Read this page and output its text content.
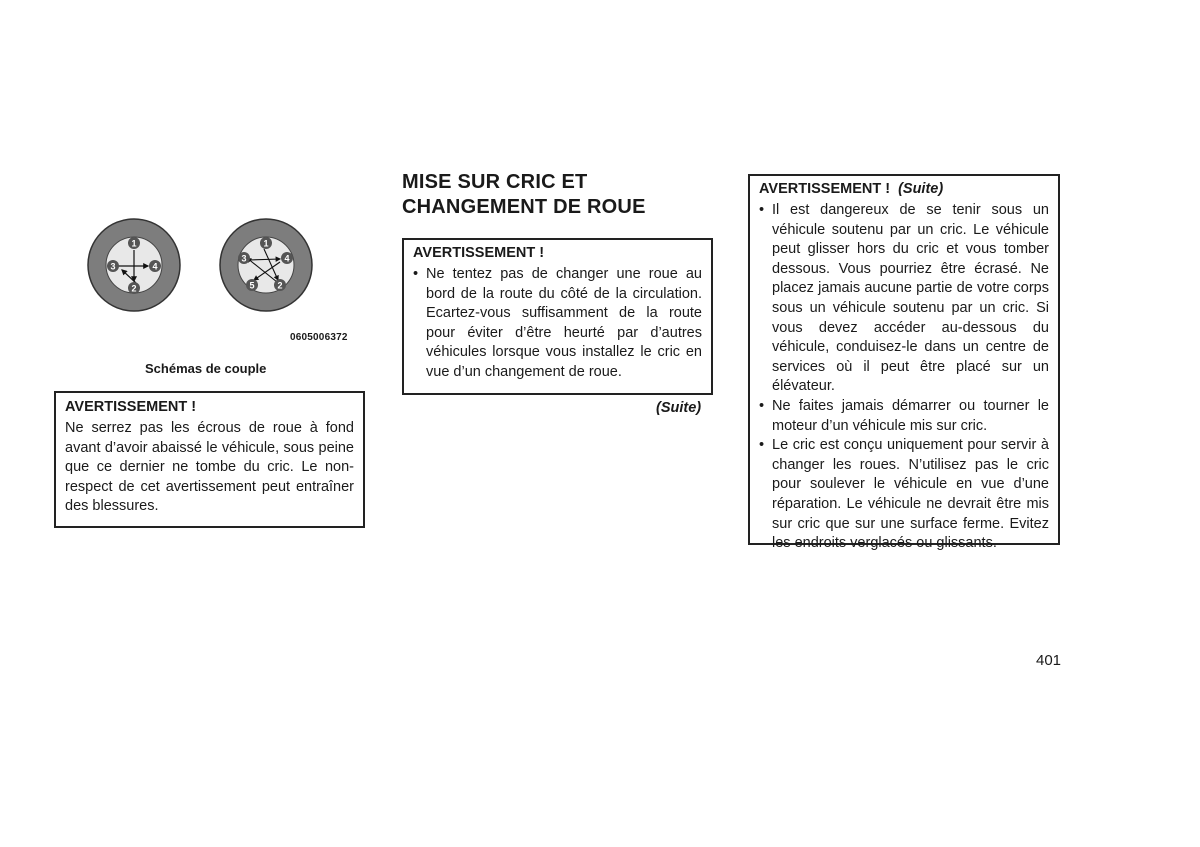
1
4
2
3
1
4
2
5
3
0605006372
Schémas de couple
AVERTISSEMENT !
Ne serrez pas les écrous de roue à fond avant d’avoir abaissé le véhicule, sous peine que ce dernier ne tombe du cric. Le non-respect de cet avertissement peut entraîner des blessures.
MISE SUR CRIC ET
CHANGEMENT DE ROUE
AVERTISSEMENT !
• Ne tentez pas de changer une roue au bord de la route du côté de la circulation. Ecartez-vous suffisamment de la route pour éviter d’être heurté par d’autres véhicules lorsque vous installez le cric en vue d’un changement de roue.
(Suite)
AVERTISSEMENT ! (Suite)
• Il est dangereux de se tenir sous un véhicule soutenu par un cric. Le véhicule peut glisser hors du cric et vous tomber dessous. Vous pourriez être écrasé. Ne placez jamais aucune partie de votre corps sous un véhicule soutenu par un cric. Si vous devez accéder au-dessous du véhicule, conduisez-le dans un centre de services où il peut être placé sur un élévateur.
• Ne faites jamais démarrer ou tourner le moteur d’un véhicule mis sur cric.
• Le cric est conçu uniquement pour servir à changer les roues. N’utilisez pas le cric pour soulever le véhicule en vue d’une réparation. Le véhicule ne devrait être mis sur cric que sur une surface ferme. Evitez les endroits verglacés ou glissants.
401
